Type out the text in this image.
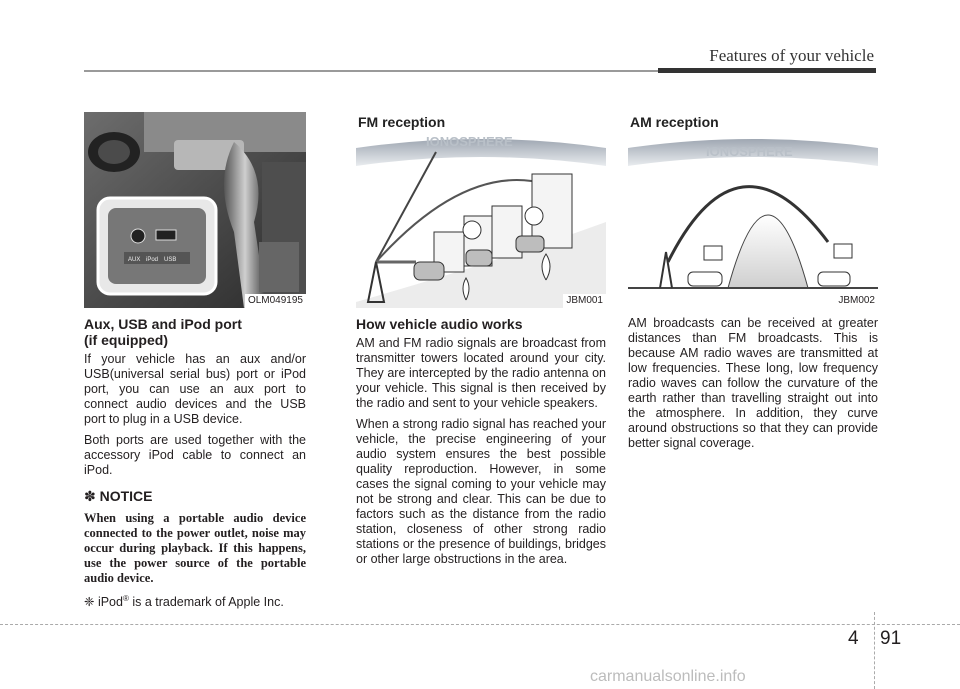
Features of your vehicle
AUX iPod USB
OLM049195
Aux, USB and iPod port
(if equipped)

If your vehicle has an aux and/or USB(universal serial bus) port or iPod port, you can use an aux port to connect audio devices and the USB port to plug in a USB device.

Both ports are used together with the accessory iPod cable to connect an iPod.

✽ NOTICE
When using a portable audio device connected to the power outlet, noise may occur during playback. If this happens, use the power source of the portable audio device.
❈ iPod® is a trademark of Apple Inc.
IONOSPHERE
FM reception
JBM001
How vehicle audio works

AM and FM radio signals are broadcast from transmitter towers located around your city. They are intercepted by the radio antenna on your vehicle. This signal is then received by the radio and sent to your vehicle speakers.

When a strong radio signal has reached your vehicle, the precise engineering of your audio system ensures the best possible quality reproduction. However, in some cases the signal coming to your vehicle may not be strong and clear. This can be due to factors such as the distance from the radio station, closeness of other strong radio stations or the presence of buildings, bridges or other large obstructions in the area.

IONOSPHERE
AM reception
JBM002

AM broadcasts can be received at greater distances than FM broadcasts. This is because AM radio waves are transmitted at low frequencies. These long, low frequency radio waves can follow the curvature of the earth rather than travelling straight out into the atmosphere. In addition, they curve around obstructions so that they can provide better signal coverage.

4 91
carmanualsonline.info
